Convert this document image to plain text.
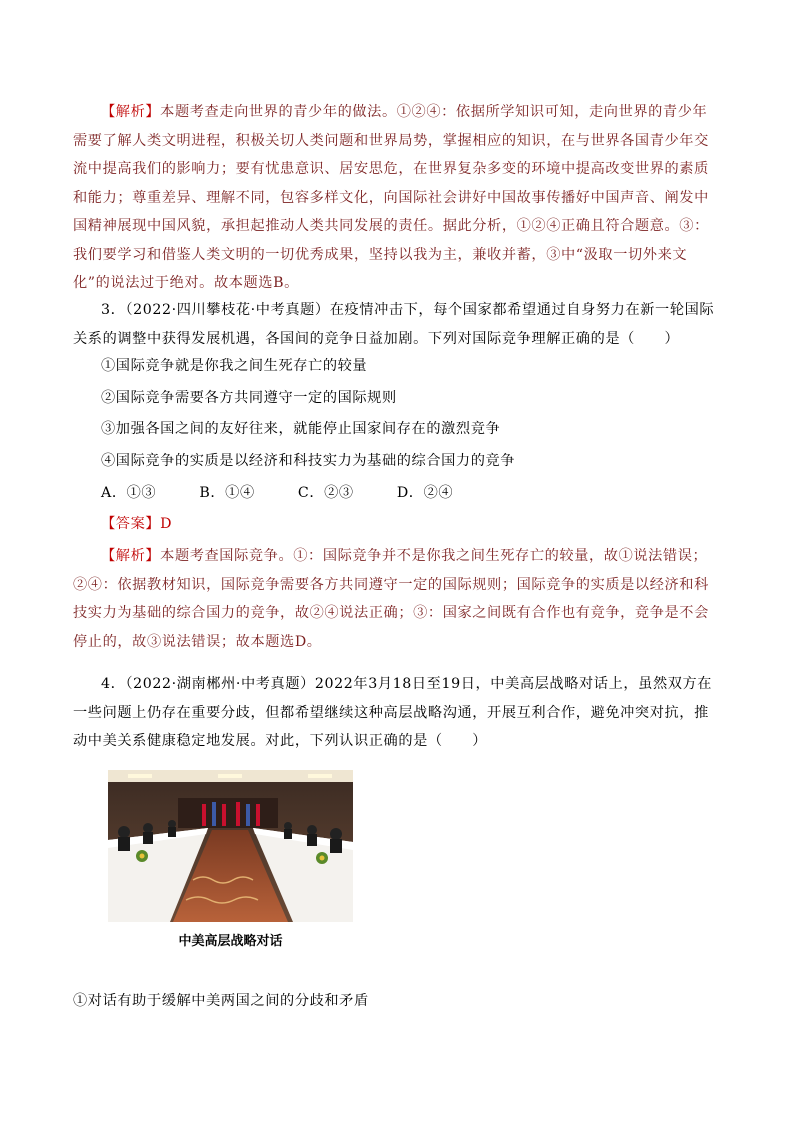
【解析】本题考查走向世界的青少年的做法。①②④：依据所学知识可知，走向世界的青少年需要了解人类文明进程，积极关切人类问题和世界局势，掌握相应的知识，在与世界各国青少年交流中提高我们的影响力；要有忧患意识、居安思危，在世界复杂多变的环境中提高改变世界的素质和能力；尊重差异、理解不同，包容多样文化，向国际社会讲好中国故事传播好中国声音、阐发中国精神展现中国风貌，承担起推动人类共同发展的责任。据此分析，①②④正确且符合题意。③：我们要学习和借鉴人类文明的一切优秀成果，坚持以我为主，兼收并蓄，③中“汲取一切外来文化”的说法过于绝对。故本题选B。
3．（2022·四川攀枝花·中考真题）在疫情冲击下，每个国家都希望通过自身努力在新一轮国际关系的调整中获得发展机遇，各国间的竞争日益加剧。下列对国际竞争理解正确的是（　　）
①国际竞争就是你我之间生死存亡的较量
②国际竞争需要各方共同遵守一定的国际规则
③加强各国之间的友好往来，就能停止国家间存在的激烈竞争
④国际竞争的实质是以经济和科技实力为基础的综合国力的竞争
A．①③	B．①④	C．②③	D．②④
【答案】D
【解析】本题考查国际竞争。①：国际竞争并不是你我之间生死存亡的较量，故①说法错误；②④：依据教材知识，国际竞争需要各方共同遵守一定的国际规则；国际竞争的实质是以经济和科技实力为基础的综合国力的竞争，故②④说法正确；③：国家之间既有合作也有竞争，竞争是不会停止的，故③说法错误；故本题选D。
4．（2022·湖南郴州·中考真题）2022年3月18日至19日，中美高层战略对话上，虽然双方在一些问题上仍存在重要分歧，但都希望继续这种高层战略沟通，开展互利合作，避免冲突对抗，推动中美关系健康稳定地发展。对此，下列认识正确的是（　　）
中美高层战略对话
①对话有助于缓解中美两国之间的分歧和矛盾
